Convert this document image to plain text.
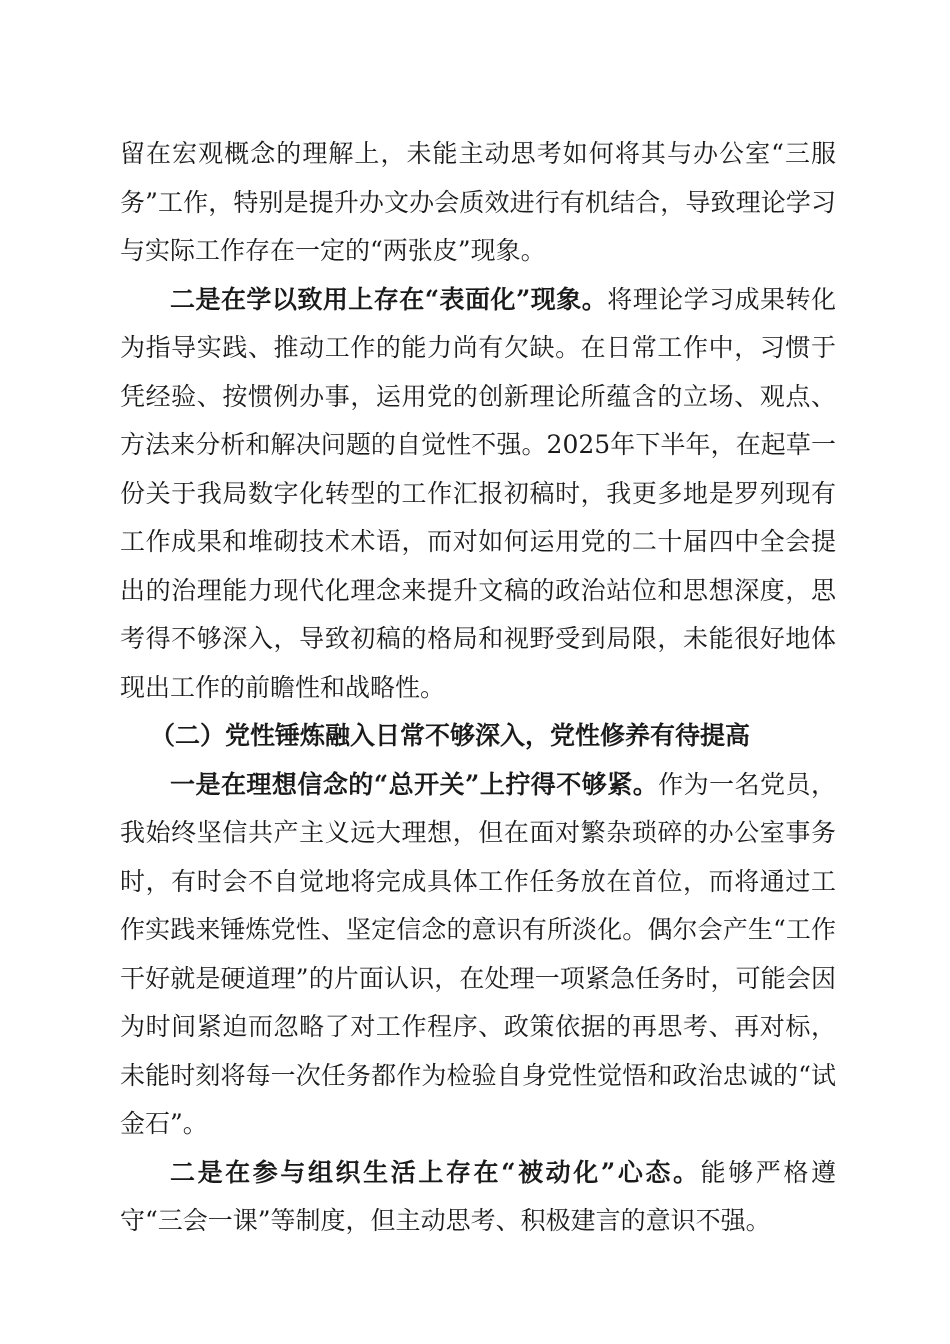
留在宏观概念的理解上，未能主动思考如何将其与办公室“三服务”工作，特别是提升办文办会质效进行有机结合，导致理论学习与实际工作存在一定的“两张皮”现象。

二是在学以致用上存在“表面化”现象。将理论学习成果转化为指导实践、推动工作的能力尚有欠缺。在日常工作中，习惯于凭经验、按惯例办事，运用党的创新理论所蕴含的立场、观点、方法来分析和解决问题的自觉性不强。2025年下半年，在起草一份关于我局数字化转型的工作汇报初稿时，我更多地是罗列现有工作成果和堆砌技术术语，而对如何运用党的二十届四中全会提出的治理能力现代化理念来提升文稿的政治站位和思想深度，思考得不够深入，导致初稿的格局和视野受到局限，未能很好地体现出工作的前瞻性和战略性。

（二）党性锤炼融入日常不够深入，党性修养有待提高

一是在理想信念的“总开关”上拧得不够紧。作为一名党员，我始终坚信共产主义远大理想，但在面对繁杂琐碎的办公室事务时，有时会不自觉地将完成具体工作任务放在首位，而将通过工作实践来锤炼党性、坚定信念的意识有所淡化。偶尔会产生“工作干好就是硬道理”的片面认识，在处理一项紧急任务时，可能会因为时间紧迫而忽略了对工作程序、政策依据的再思考、再对标，未能时刻将每一次任务都作为检验自身党性觉悟和政治忠诚的“试金石”。

二是在参与组织生活上存在“被动化”心态。能够严格遵守“三会一课”等制度，但主动思考、积极建言的意识不强。
